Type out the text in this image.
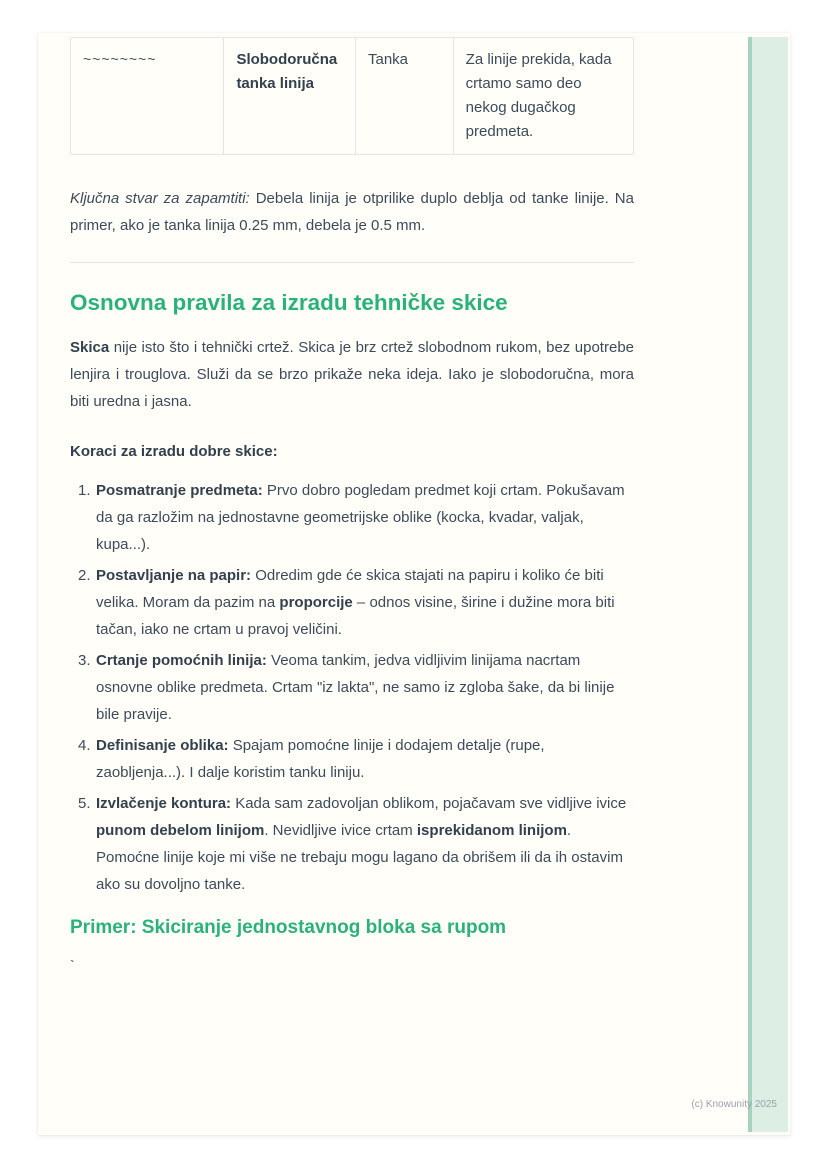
~~~~~~~~	Slobodoručna tanka linija
Tanka	Za linije prekida, kada crtamo samo deo nekog dugačkog predmeta.

Ključna stvar za zapamtiti: Debela linija je otprilike duplo deblja od tanke linije. Na primer, ako je tanka linija 0.25 mm, debela je 0.5 mm.

Osnovna pravila za izradu tehničke skice

Skica nije isto što i tehnički crtež. Skica je brz crtež slobodnom rukom, bez upotrebe lenjira i trouglova. Služi da se brzo prikaže neka ideja. Iako je slobodoručna, mora biti uredna i jasna.

Koraci za izradu dobre skice:

1. Posmatranje predmeta: Prvo dobro pogledam predmet koji crtam. Pokušavam da ga razložim na jednostavne geometrijske oblike (kocka, kvadar, valjak, kupa...).
2. Postavljanje na papir: Odredim gde će skica stajati na papiru i koliko će biti velika. Moram da pazim na proporcije – odnos visine, širine i dužine mora biti tačan, iako ne crtam u pravoj veličini.
3. Crtanje pomoćnih linija: Veoma tankim, jedva vidljivim linijama nacrtam osnovne oblike predmeta. Crtam "iz lakta", ne samo iz zgloba šake, da bi linije bile pravije.
4. Definisanje oblika: Spajam pomoćne linije i dodajem detalje (rupe, zaobljenja...). I dalje koristim tanku liniju.
5. Izvlačenje kontura: Kada sam zadovoljan oblikom, pojačavam sve vidljive ivice punom debelom linijom. Nevidljive ivice crtam isprekidanom linijom. Pomoćne linije koje mi više ne trebaju mogu lagano da obrišem ili da ih ostavim ako su dovoljno tanke.
Primer: Skiciranje jednostavnog bloka sa rupom

`

(c) Knowunity 2025
